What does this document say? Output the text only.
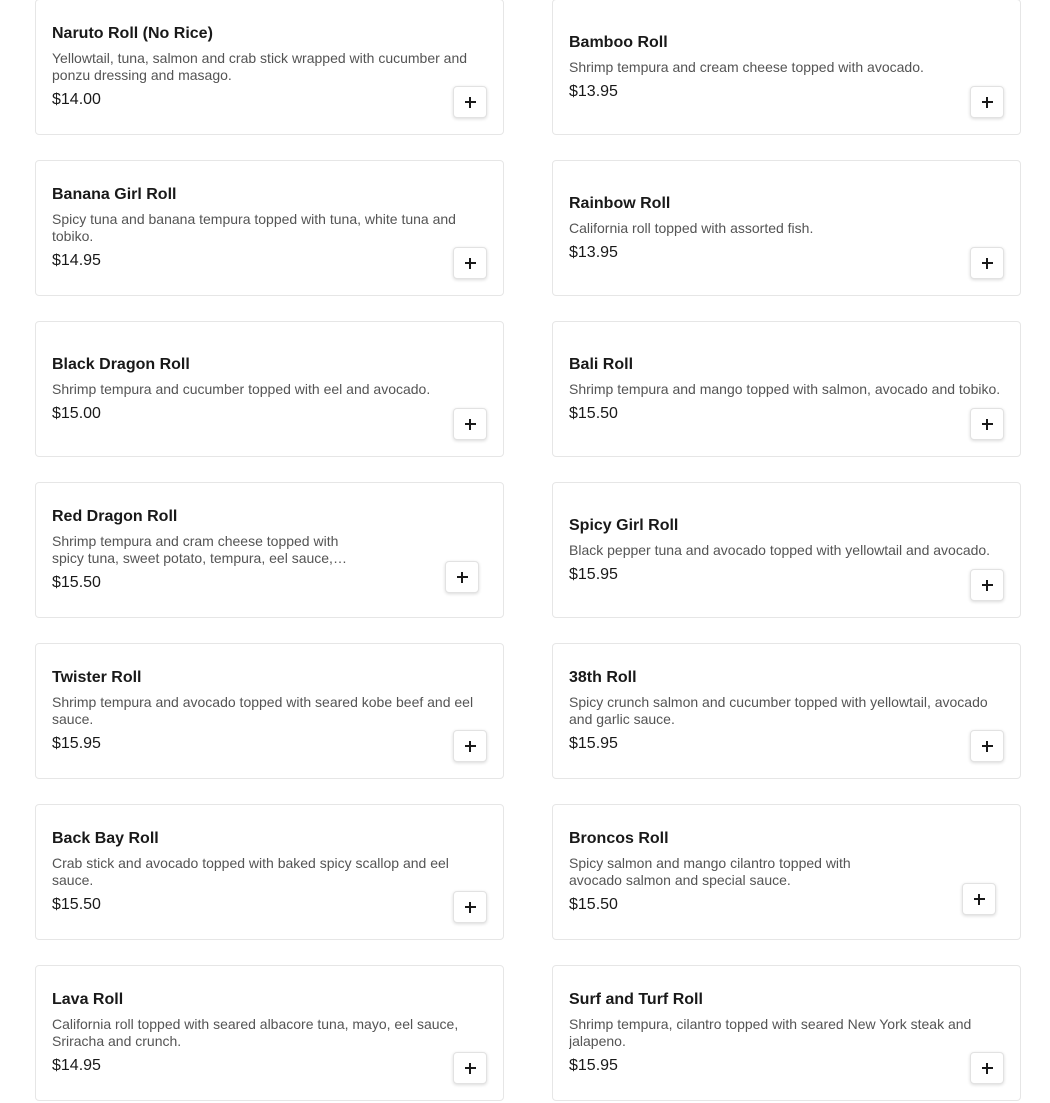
Naruto Roll (No Rice)
Yellowtail, tuna, salmon and crab stick wrapped with cucumber and ponzu dressing and masago.
$14.00
Bamboo Roll
Shrimp tempura and cream cheese topped with avocado.
$13.95
Banana Girl Roll
Spicy tuna and banana tempura topped with tuna, white tuna and tobiko.
$14.95
Rainbow Roll
California roll topped with assorted fish.
$13.95
Black Dragon Roll
Shrimp tempura and cucumber topped with eel and avocado.
$15.00
Bali Roll
Shrimp tempura and mango topped with salmon, avocado and tobiko.
$15.50
Red Dragon Roll
Shrimp tempura and cram cheese topped with spicy tuna, sweet potato, tempura, eel sauce,
$15.50
Spicy Girl Roll
Black pepper tuna and avocado topped with yellowtail and avocado.
$15.95
Twister Roll
Shrimp tempura and avocado topped with seared kobe beef and eel sauce.
$15.95
38th Roll
Spicy crunch salmon and cucumber topped with yellowtail, avocado and garlic sauce.
$15.95
Back Bay Roll
Crab stick and avocado topped with baked spicy scallop and eel sauce.
$15.50
Broncos Roll
Spicy salmon and mango cilantro topped with avocado salmon and special sauce.
$15.50
Lava Roll
California roll topped with seared albacore tuna, mayo, eel sauce, Sriracha and crunch.
$14.95
Surf and Turf Roll
Shrimp tempura, cilantro topped with seared New York steak and jalapeno.
$15.95
